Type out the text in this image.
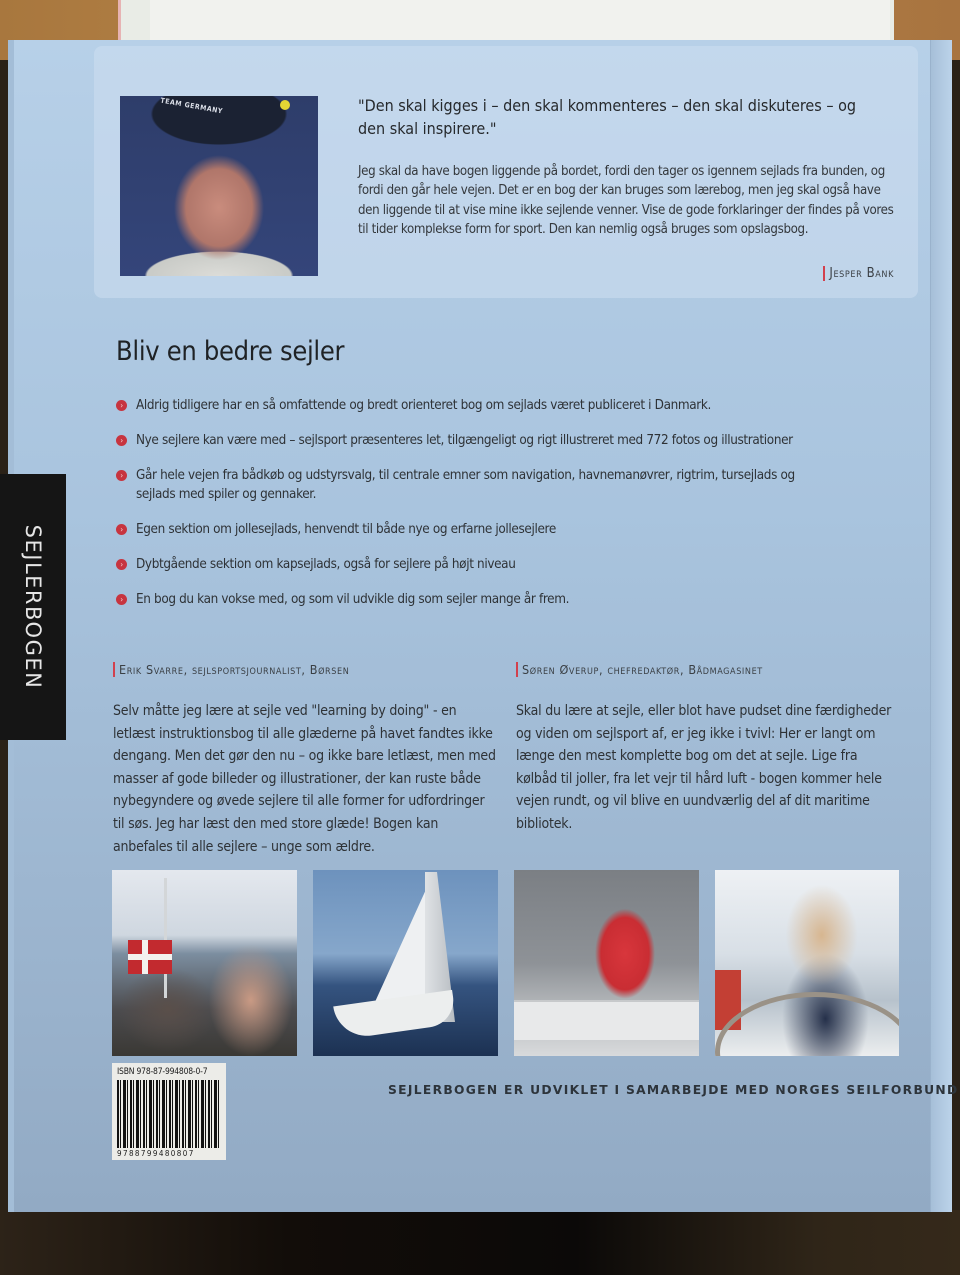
TEAM GERMANY	"Den skal kigges i – den skal kommenteres – den skal diskuteres – og den skal inspirere."
Jeg skal da have bogen liggende på bordet, fordi den tager os igennem sejlads fra bunden, og fordi den går hele vejen. Det er en bog der kan bruges som lærebog, men jeg skal også have den liggende til at vise mine ikke sejlende venner. Vise de gode forklaringer der findes på vores til tider komplekse form for sport. Den kan nemlig også bruges som opslagsbog.
Jesper Bank
Bliv en bedre sejler
› Aldrig tidligere har en så omfattende og bredt orienteret bog om sejlads været publiceret i Danmark.
› Nye sejlere kan være med – sejlsport præsenteres let, tilgængeligt og rigt illustreret med 772 fotos og illustrationer
› Går hele vejen fra bådkøb og udstyrsvalg, til centrale emner som navigation, havnemanøvrer, rigtrim, tursejlads og sejlads med spiler og gennaker.
› Egen sektion om jollesejlads, henvendt til både nye og erfarne jollesejlere
› Dybtgående sektion om kapsejlads, også for sejlere på højt niveau
› En bog du kan vokse med, og som vil udvikle dig som sejler mange år frem.
SEJLERBOGEN	Erik Svarre, sejlsportsjournalist, Børsen
Selv måtte jeg lære at sejle ved "learning by doing" - en letlæst instruktionsbog til alle glæderne på havet fandtes ikke dengang. Men det gør den nu – og ikke bare letlæst, men med masser af gode billeder og illustrationer, der kan ruste både nybegyndere og øvede sejlere til alle former for udfordringer til søs. Jeg har læst den med store glæde! Bogen kan anbefales til alle sejlere – unge som ældre.
Søren Øverup, chefredaktør, Bådmagasinet
Skal du lære at sejle, eller blot have pudset dine færdigheder og viden om sejlsport af, er jeg ikke i tvivl: Her er langt om længe den mest komplette bog om det at sejle. Lige fra kølbåd til joller, fra let vejr til hård luft - bogen kommer hele vejen rundt, og vil blive en uundværlig del af dit maritime bibliotek.
ISBN 978-87-994808-0-7
9788799480807
SEJLERBOGEN ER UDVIKLET I SAMARBEJDE MED NORGES SEILFORBUND
